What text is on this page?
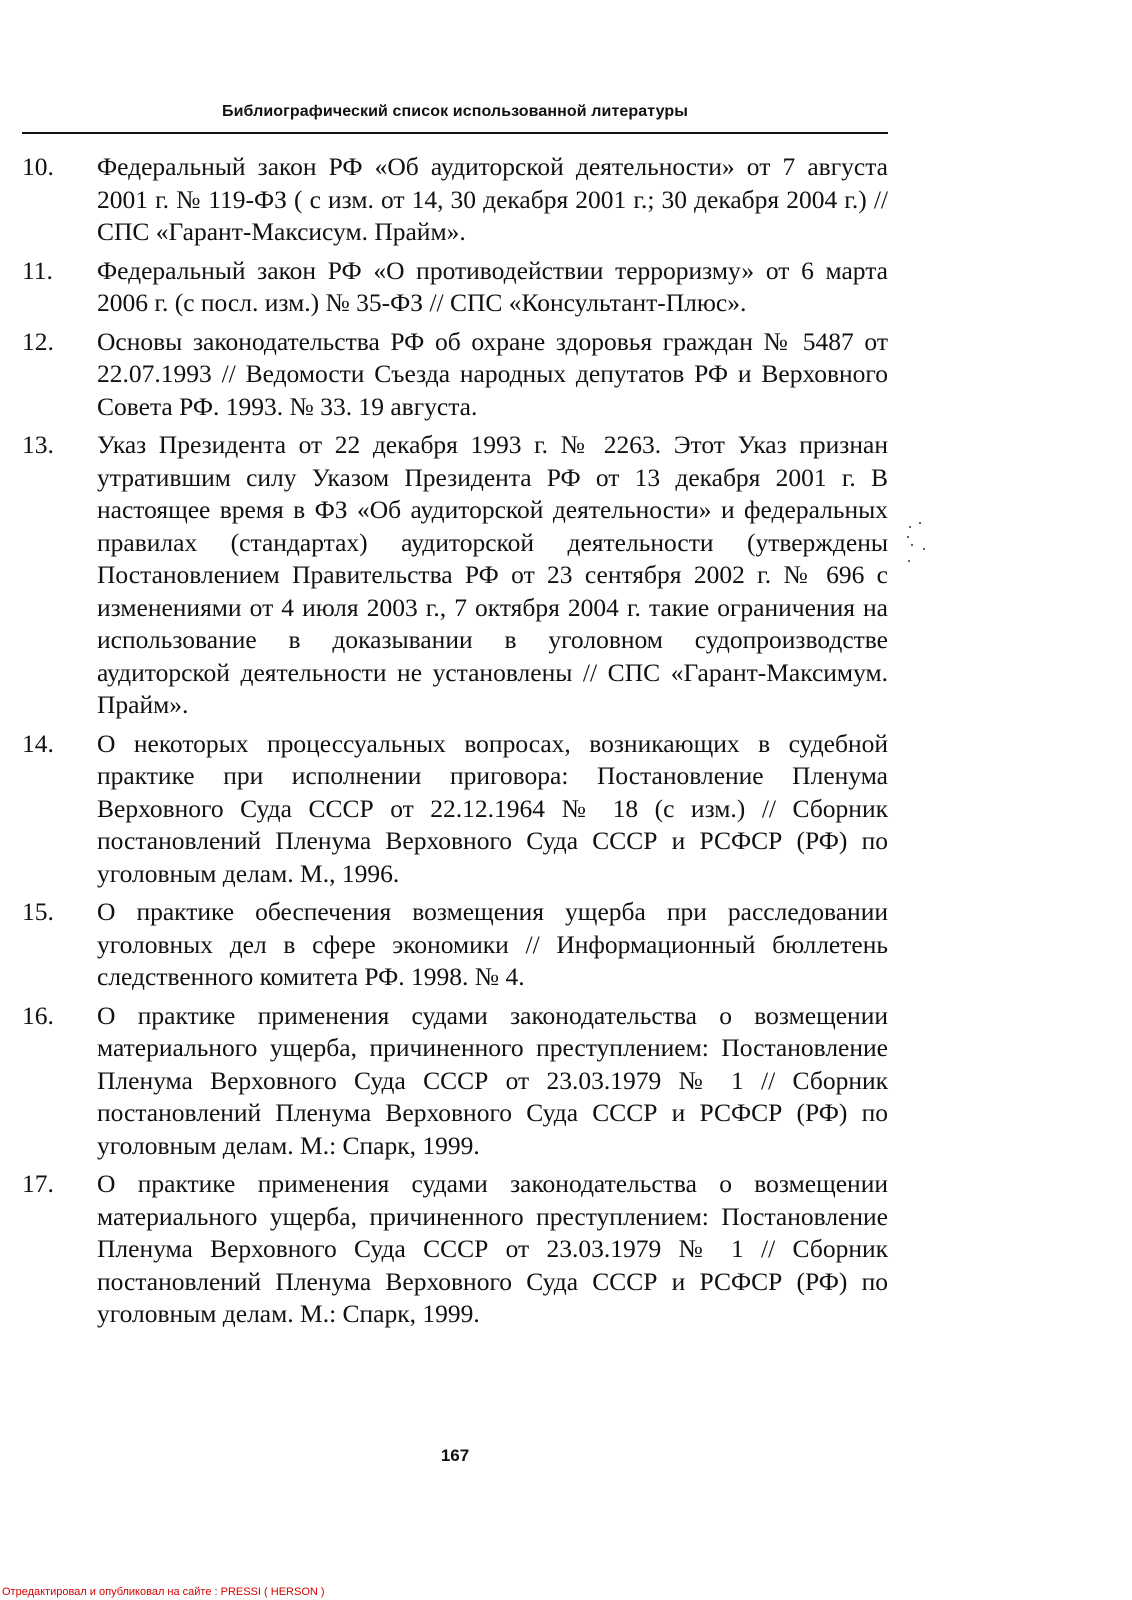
Библиографический список использованной литературы
10.	Федеральный закон РФ «Об аудиторской деятельности» от 7 августа 2001 г. № 119-ФЗ ( с изм. от 14, 30 декабря 2001 г.; 30 декабря 2004 г.) // СПС «Гарант-Максисум. Прайм».
11.	Федеральный закон РФ «О противодействии терроризму» от 6 марта 2006 г. (с посл. изм.) № 35-ФЗ // СПС «Консультант-Плюс».
12.	Основы законодательства РФ об охране здоровья граждан № 5487 от 22.07.1993 // Ведомости Съезда народных депутатов РФ и Верховного Совета РФ. 1993. № 33. 19 августа.
13.	Указ Президента от 22 декабря 1993 г. № 2263. Этот Указ признан утратившим силу Указом Президента РФ от 13 декабря 2001 г. В настоящее время в ФЗ «Об аудиторской деятельности» и федеральных правилах (стандартах) аудиторской деятельности (утверждены Постановлением Правительства РФ от 23 сентября 2002 г. № 696 с изменениями от 4 июля 2003 г., 7 октября 2004 г. такие ограничения на использование в доказывании в уголовном судопроизводстве аудиторской деятельности не установлены // СПС «Гарант-Максимум. Прайм».
14.	О некоторых процессуальных вопросах, возникающих в судебной практике при исполнении приговора: Постановление Пленума Верховного Суда СССР от 22.12.1964 № 18 (с изм.) // Сборник постановлений Пленума Верховного Суда СССР и РСФСР (РФ) по уголовным делам. М., 1996.
15.	О практике обеспечения возмещения ущерба при расследовании уголовных дел в сфере экономики // Информационный бюллетень следственного комитета РФ. 1998. № 4.
16.	О практике применения судами законодательства о возмещении материального ущерба, причиненного преступлением: Постановление Пленума Верховного Суда СССР от 23.03.1979 № 1 // Сборник постановлений Пленума Верховного Суда СССР и РСФСР (РФ) по уголовным делам. М.: Спарк, 1999.
17.	О практике применения судами законодательства о возмещении материального ущерба, причиненного преступлением: Постановление Пленума Верховного Суда СССР от 23.03.1979 № 1 // Сборник постановлений Пленума Верховного Суда СССР и РСФСР (РФ) по уголовным делам. М.: Спарк, 1999.
167
Отредактировал и опубликовал на сайте : PRESSI ( HERSON )
